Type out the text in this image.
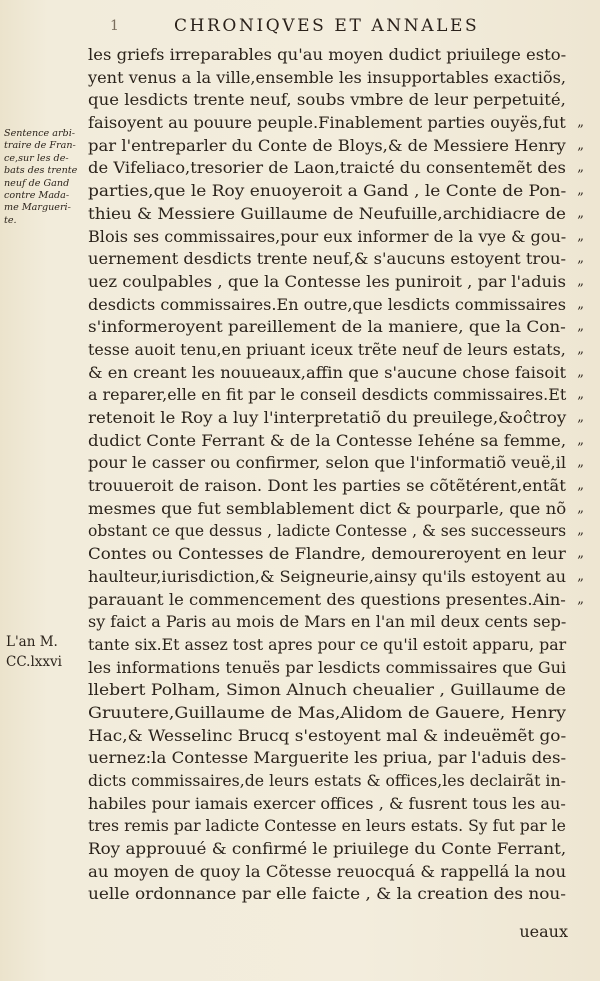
1	CHRONIQVES ET ANNALES
Sentence arbi-
traire de Fran-
ce,sur les de-
bats des trente
neuf de Gand
contre Mada-
me Margueri-
te.
L'an M.
CC.lxxvi
les griefs irreparables qu'au moyen dudict priuilege esto-
yent venus a la ville,ensemble les insupportables exactiõs,
que lesdicts trente neuf, soubs vmbre de leur perpetuité,
faisoyent au pouure peuple.Finablement parties ouyës,fut „
par l'entreparler du Conte de Bloys,& de Messiere Henry „
de Vifeliaco,tresorier de Laon,traicté du consentemẽt des „
parties,que le Roy enuoyeroit a Gand , le Conte de Pon- „
thieu & Messiere Guillaume de Neufuille,archidiacre de „
Blois ses commissaires,pour eux informer de la vye & gou- „
uernement desdicts trente neuf,& s'aucuns estoyent trou- „
uez coulpables , que la Contesse les puniroit , par l'aduis „
desdicts commissaires.En outre,que lesdicts commissaires „
s'informeroyent pareillement de la maniere, que la Con- „
tesse auoit tenu,en priuant iceux trẽte neuf de leurs estats, „
& en creant les nouueaux,affin que s'aucune chose faisoit „
a reparer,elle en fit par le conseil desdicts commissaires.Et „
retenoit le Roy a luy l'interpretatiõ du preuilege,&oĉtroy „
dudict Conte Ferrant & de la Contesse Iehéne sa femme, „
pour le casser ou confirmer, selon que l'informatiõ veuë,il „
trouueroit de raison. Dont les parties se cõtẽtérent,entãt „
mesmes que fut semblablement dict & pourparle, que nõ „
obstant ce que dessus , ladicte Contesse , & ses successeurs „
Contes ou Contesses de Flandre, demoureroyent en leur „
haulteur,iurisdiction,& Seigneurie,ainsy qu'ils estoyent au „
parauant le commencement des questions presentes.Ain- „
sy faict a Paris au mois de Mars en l'an mil deux cents sep-
tante six.Et assez tost apres pour ce qu'il estoit apparu, par
les informations tenuës par lesdicts commissaires que Gui
llebert Polham, Simon Alnuch cheualier , Guillaume de
Gruutere,Guillaume de Mas,Alidom de Gauere, Henry
Hac,& Wesselinc Brucq s'estoyent mal & indeuëmẽt go-
uernez:la Contesse Marguerite les priua, par l'aduis des-
dicts commissaires,de leurs estats & offices,les declairãt in-
habiles pour iamais exercer offices , & fusrent tous les au-
tres remis par ladicte Contesse en leurs estats. Sy fut par le
Roy approuué & confirmé le priuilege du Conte Ferrant,
au moyen de quoy la Cõtesse reuocquá & rappellá la nou
uelle ordonnance par elle faicte , & la creation des nou-
ueaux
